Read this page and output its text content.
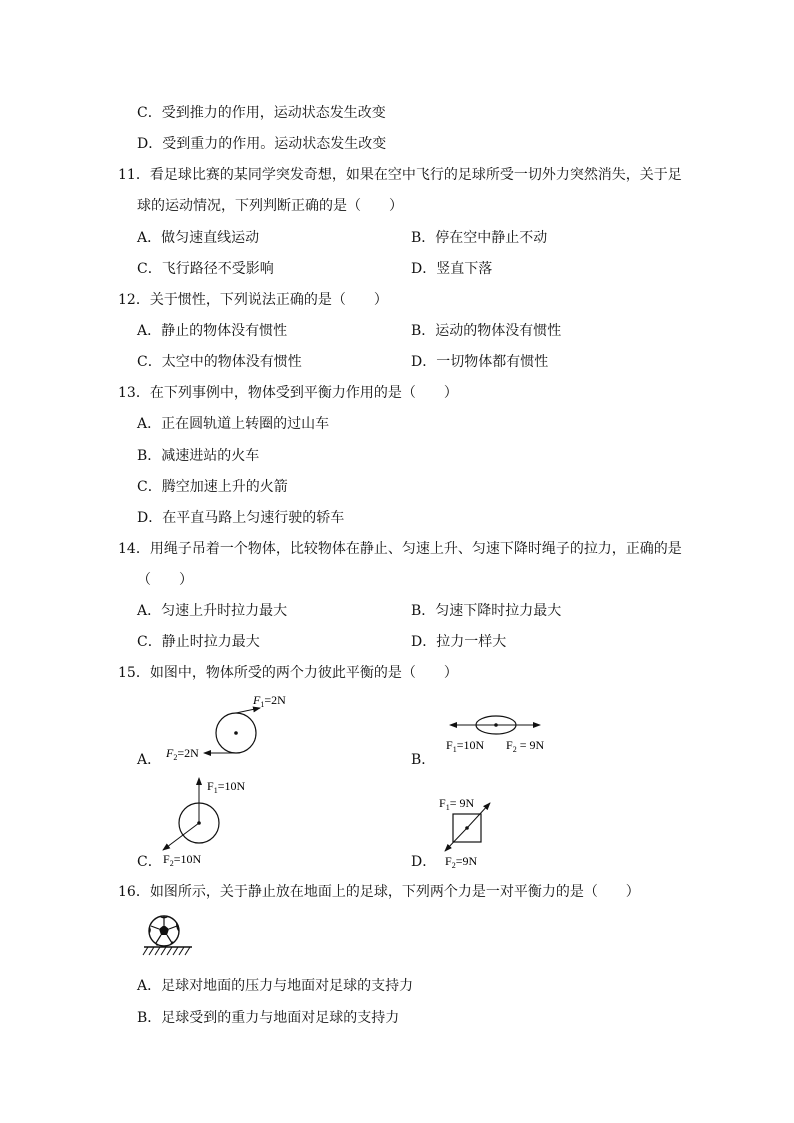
C．受到推力的作用，运动状态发生改变
D．受到重力的作用。运动状态发生改变
11．看足球比赛的某同学突发奇想，如果在空中飞行的足球所受一切外力突然消失，关于足
球的运动情况，下列判断正确的是（　　）
A．做匀速直线运动	B．停在空中静止不动
C．飞行路径不受影响	D．竖直下落
12．关于惯性，下列说法正确的是（　　）
A．静止的物体没有惯性	B．运动的物体没有惯性
C．太空中的物体没有惯性	D．一切物体都有惯性
13．在下列事例中，物体受到平衡力作用的是（　　）
A．正在圆轨道上转圈的过山车
B．减速进站的火车
C．腾空加速上升的火箭
D．在平直马路上匀速行驶的轿车
14．用绳子吊着一个物体，比较物体在静止、匀速上升、匀速下降时绳子的拉力，正确的是
（　　）
A．匀速上升时拉力最大	B．匀速下降时拉力最大
C．静止时拉力最大	D．拉力一样大
15．如图中，物体所受的两个力彼此平衡的是（　　）
A．	B．
C．	D．
$F_1=2N$
$F_2=2N$
$F_1=10N$ $F_2 = 9N$
$F_1=10N$
$F_2=10N$
$F_1= 9N$
$F_2=9N$
16．如图所示，关于静止放在地面上的足球，下列两个力是一对平衡力的是（　　）
A．足球对地面的压力与地面对足球的支持力
B．足球受到的重力与地面对足球的支持力
